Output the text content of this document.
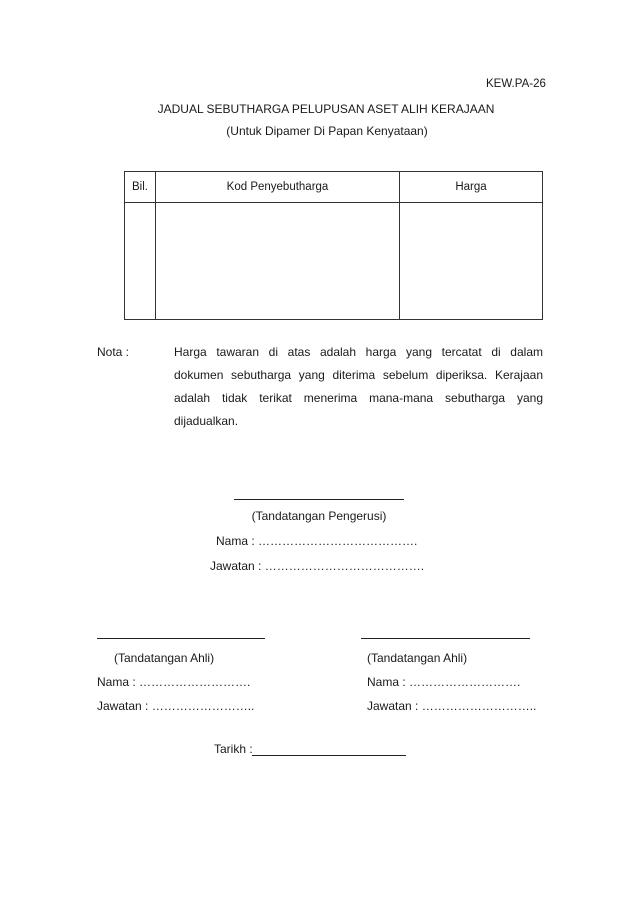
KEW.PA-26
JADUAL SEBUTHARGA PELUPUSAN ASET ALIH KERAJAAN
(Untuk Dipamer Di Papan Kenyataan)
Bil.	Kod Penyebutharga	Harga

Nota :	Harga tawaran di atas adalah harga yang tercatat di dalam dokumen sebutharga yang diterima sebelum diperiksa. Kerajaan adalah tidak terikat menerima mana-mana sebutharga yang dijadualkan.
(Tandatangan Pengerusi)
Nama : ………………………………….
Jawatan : ………………………………….
(Tandatangan Ahli)	(Tandatangan Ahli)
Nama : ……………………….	Nama : ……………………….
Jawatan : ……………………..	Jawatan : ………………………..
Tarikh :
